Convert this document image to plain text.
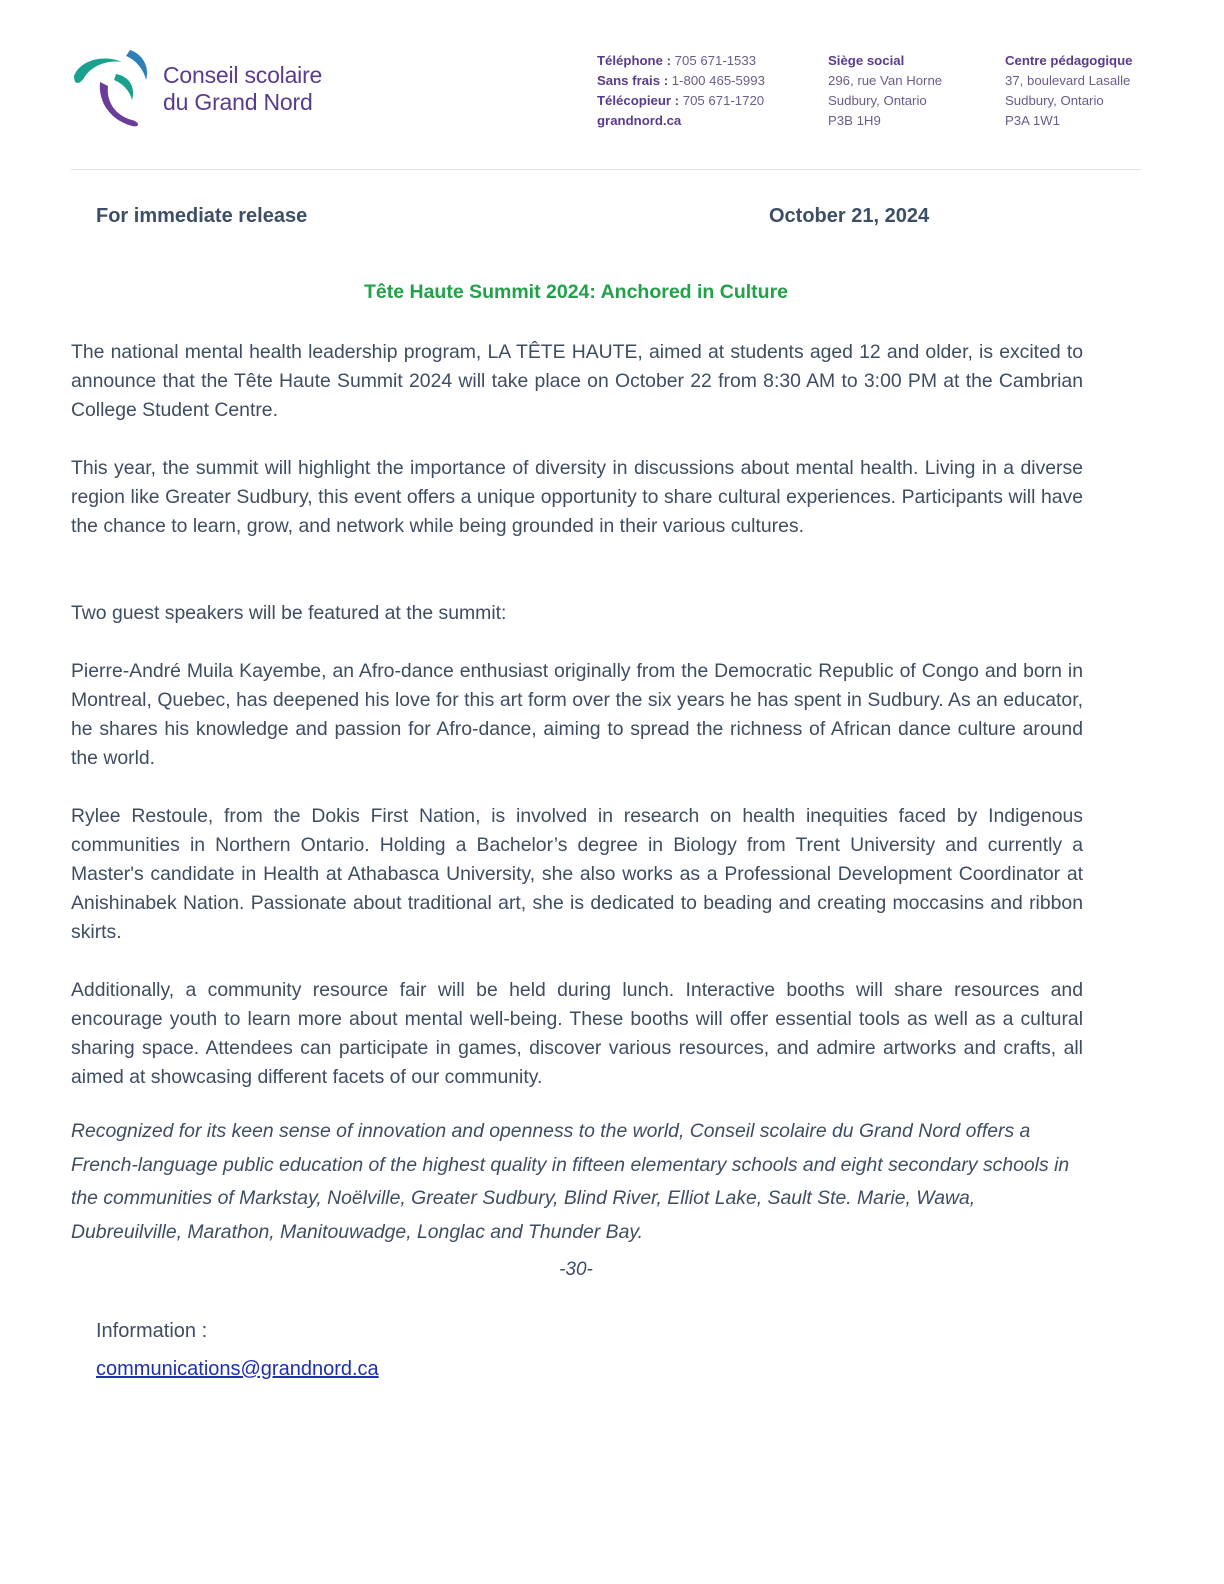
Conseil scolaire
du Grand Nord
Téléphone : 705 671-1533
Sans frais : 1-800 465-5993
Télécopieur : 705 671-1720
grandnord.ca
Siège social
296, rue Van Horne
Sudbury, Ontario
P3B 1H9
Centre pédagogique
37, boulevard Lasalle
Sudbury, Ontario
P3A 1W1
For immediate release	October 21, 2024
Tête Haute Summit 2024: Anchored in Culture
The national mental health leadership program, LA TÊTE HAUTE, aimed at students aged 12 and older, is excited to announce that the Tête Haute Summit 2024 will take place on October 22 from 8:30 AM to 3:00 PM at the Cambrian College Student Centre.
This year, the summit will highlight the importance of diversity in discussions about mental health. Living in a diverse region like Greater Sudbury, this event offers a unique opportunity to share cultural experiences. Participants will have the chance to learn, grow, and network while being grounded in their various cultures.
Two guest speakers will be featured at the summit:
Pierre-André Muila Kayembe, an Afro-dance enthusiast originally from the Democratic Republic of Congo and born in Montreal, Quebec, has deepened his love for this art form over the six years he has spent in Sudbury. As an educator, he shares his knowledge and passion for Afro-dance, aiming to spread the richness of African dance culture around the world.
Rylee Restoule, from the Dokis First Nation, is involved in research on health inequities faced by Indigenous communities in Northern Ontario. Holding a Bachelor’s degree in Biology from Trent University and currently a Master's candidate in Health at Athabasca University, she also works as a Professional Development Coordinator at Anishinabek Nation. Passionate about traditional art, she is dedicated to beading and creating moccasins and ribbon skirts.
Additionally, a community resource fair will be held during lunch. Interactive booths will share resources and encourage youth to learn more about mental well-being. These booths will offer essential tools as well as a cultural sharing space. Attendees can participate in games, discover various resources, and admire artworks and crafts, all aimed at showcasing different facets of our community.
Recognized for its keen sense of innovation and openness to the world, Conseil scolaire du Grand Nord offers a French-language public education of the highest quality in fifteen elementary schools and eight secondary schools in the communities of Markstay, Noëlville, Greater Sudbury, Blind River, Elliot Lake, Sault Ste. Marie, Wawa, Dubreuilville, Marathon, Manitouwadge, Longlac and Thunder Bay.
-30-
Information :
communications@grandnord.ca
